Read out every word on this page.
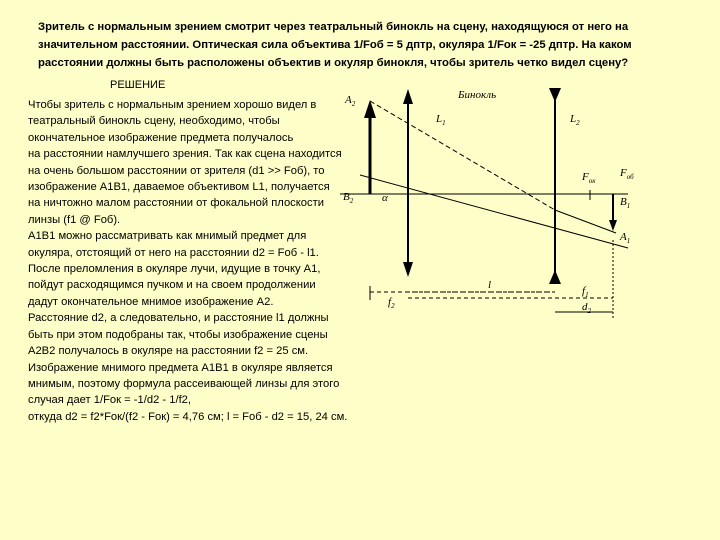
Зритель с нормальным зрением смотрит через театральный бинокль на сцену, находящуюся от него на значительном расстоянии. Оптическая сила объектива 1/Fоб = 5 дптр, окуляра 1/Fок = -25 дптр. На каком расстоянии должны быть расположены объектив и окуляр бинокля, чтобы зритель четко видел сцену?

РЕШЕНИЕ

Чтобы зритель с нормальным зрением хорошо видел в
театральный бинокль сцену, необходимо, чтобы
окончательное изображение предмета получалось
на расстоянии намлучшего зрения. Так как сцена находится
на очень большом расстоянии от зрителя (d1 >> Fоб), то
изображение А1В1, даваемое объективом L1, получается
на ничтожно малом расстоянии от фокальной плоскости
линзы (f1 @ Fоб).
А1В1 можно рассматривать как мнимый предмет для
окуляра, отстоящий от него на расстоянии d2 = Fоб - l1.
После преломления в окуляре лучи, идущие в точку А1,
пойдут расходящимся пучком и на своем продолжении
дадут окончательное мнимое изображение А2.
Расстояние d2, а следовательно, и расстояние l1 должны
быть при этом подобраны так, чтобы изображение сцены
А2В2 получалось в окуляре на расстоянии f2 = 25 см.
Изображение мнимого предмета А1В1 в окуляре является
мнимым, поэтому формула рассеивающей линзы для этого
случая дает 1/Fок = -1/d2 - 1/f2,
откуда d2 = f2*Fок/(f2 - Fок) = 4,76 см; l = Fоб - d2 = 15, 24 см.
Бинокль
$A_2$
$L_1$	$L_2$
$B_2$	α
$F_{ок}$
$F_{об}$
$B_1$
$A_1$
l	$f_1$
$f_2$	$d_2$
